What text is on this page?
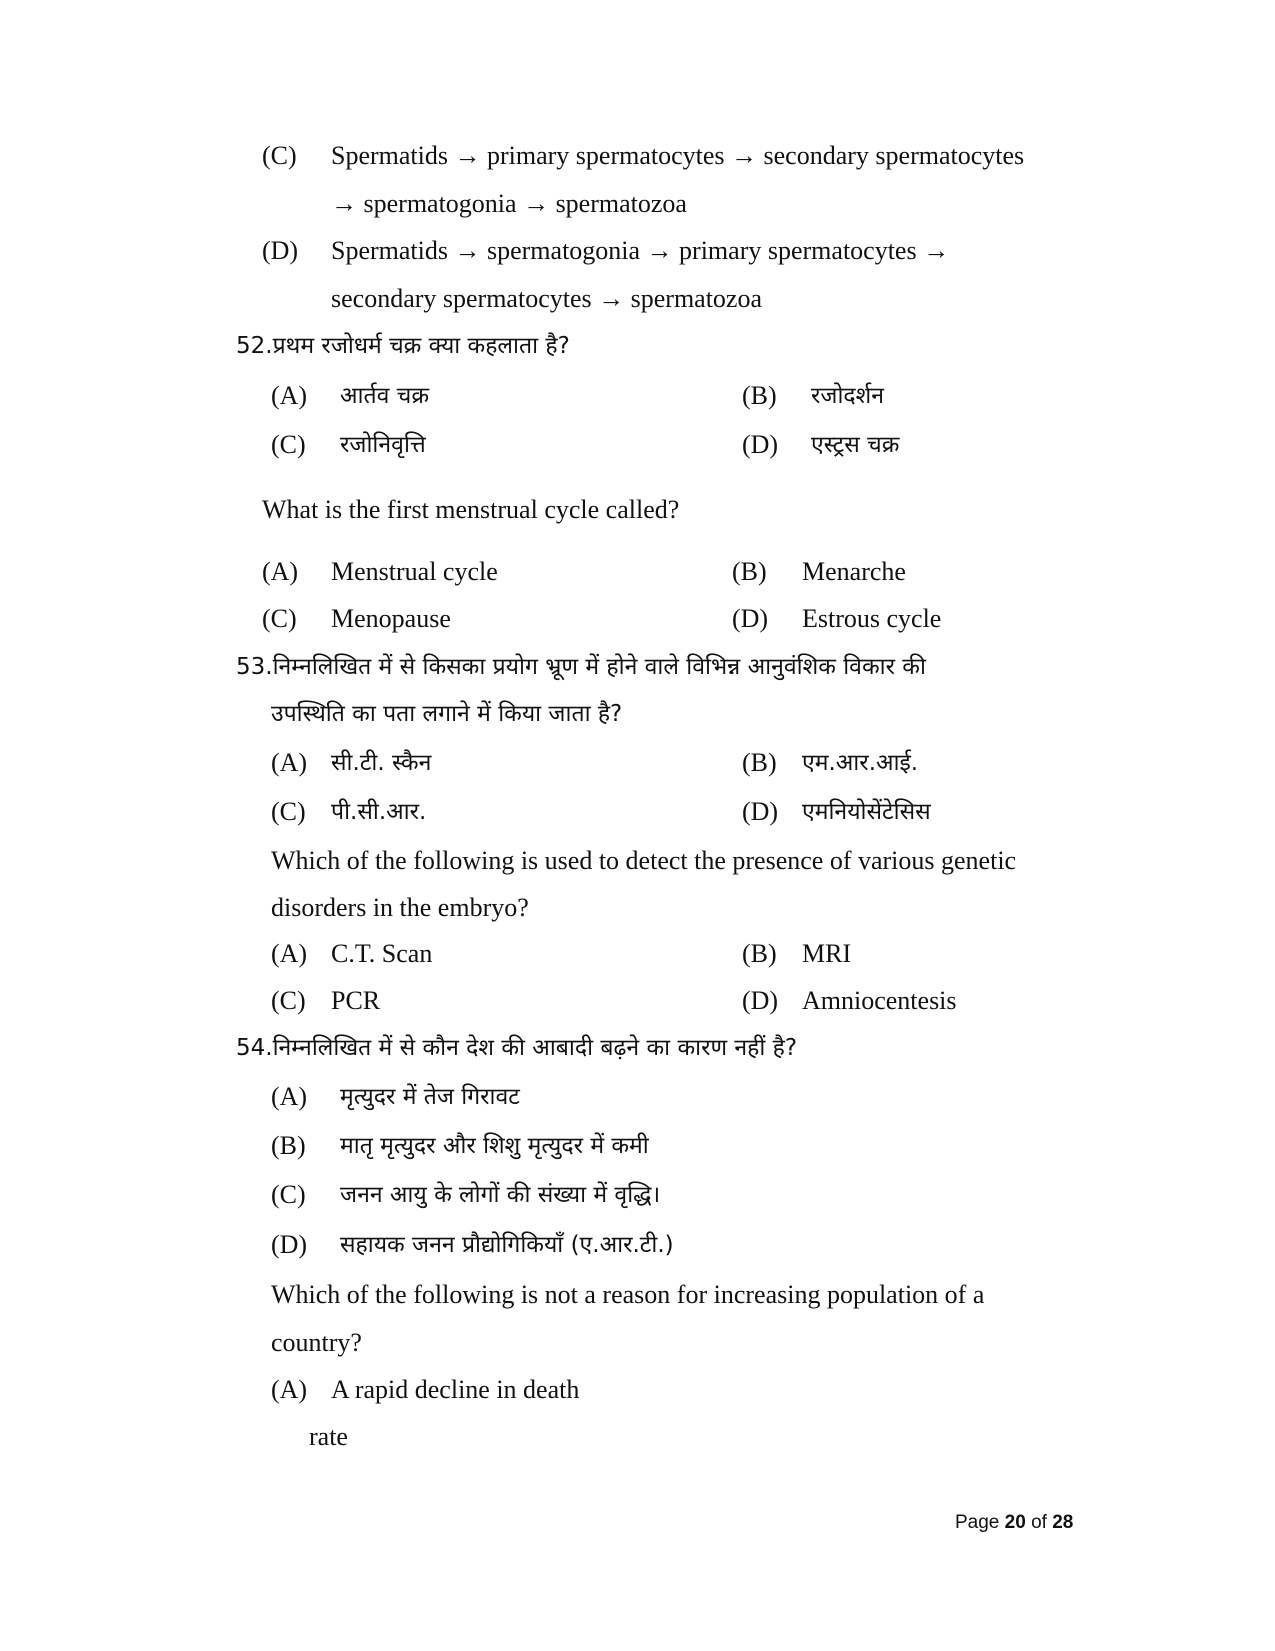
(C) Spermatids → primary spermatocytes → secondary spermatocytes
→ spermatogonia → spermatozoa
(D) Spermatids → spermatogonia → primary spermatocytes →
secondary spermatocytes → spermatozoa
52.प्रथम रजोधर्म चक्र क्या कहलाता है?
(A) आर्तव चक्र	(B) रजोदर्शन
(C) रजोनिवृत्ति	(D) एस्ट्रस चक्र
What is the first menstrual cycle called?
(A) Menstrual cycle	(B) Menarche
(C) Menopause	(D) Estrous cycle
53.निम्नलिखित में से किसका प्रयोग भ्रूण में होने वाले विभिन्न आनुवंशिक विकार की
उपस्थिति का पता लगाने में किया जाता है?
(A) सी.टी. स्कैन	(B) एम.आर.आई.
(C) पी.सी.आर.	(D) एमनियोसेंटेसिस
Which of the following is used to detect the presence of various genetic
disorders in the embryo?
(A) C.T. Scan	(B) MRI
(C) PCR	(D) Amniocentesis
54.निम्नलिखित में से कौन देश की आबादी बढ़ने का कारण नहीं है?
(A) मृत्युदर में तेज गिरावट
(B) मातृ मृत्युदर और शिशु मृत्युदर में कमी
(C) जनन आयु के लोगों की संख्या में वृद्धि।
(D) सहायक जनन प्रौद्योगिकियाँ (ए.आर.टी.)
Which of the following is not a reason for increasing population of a
country?
(A) A rapid decline in death
rate
Page 20 of 28
